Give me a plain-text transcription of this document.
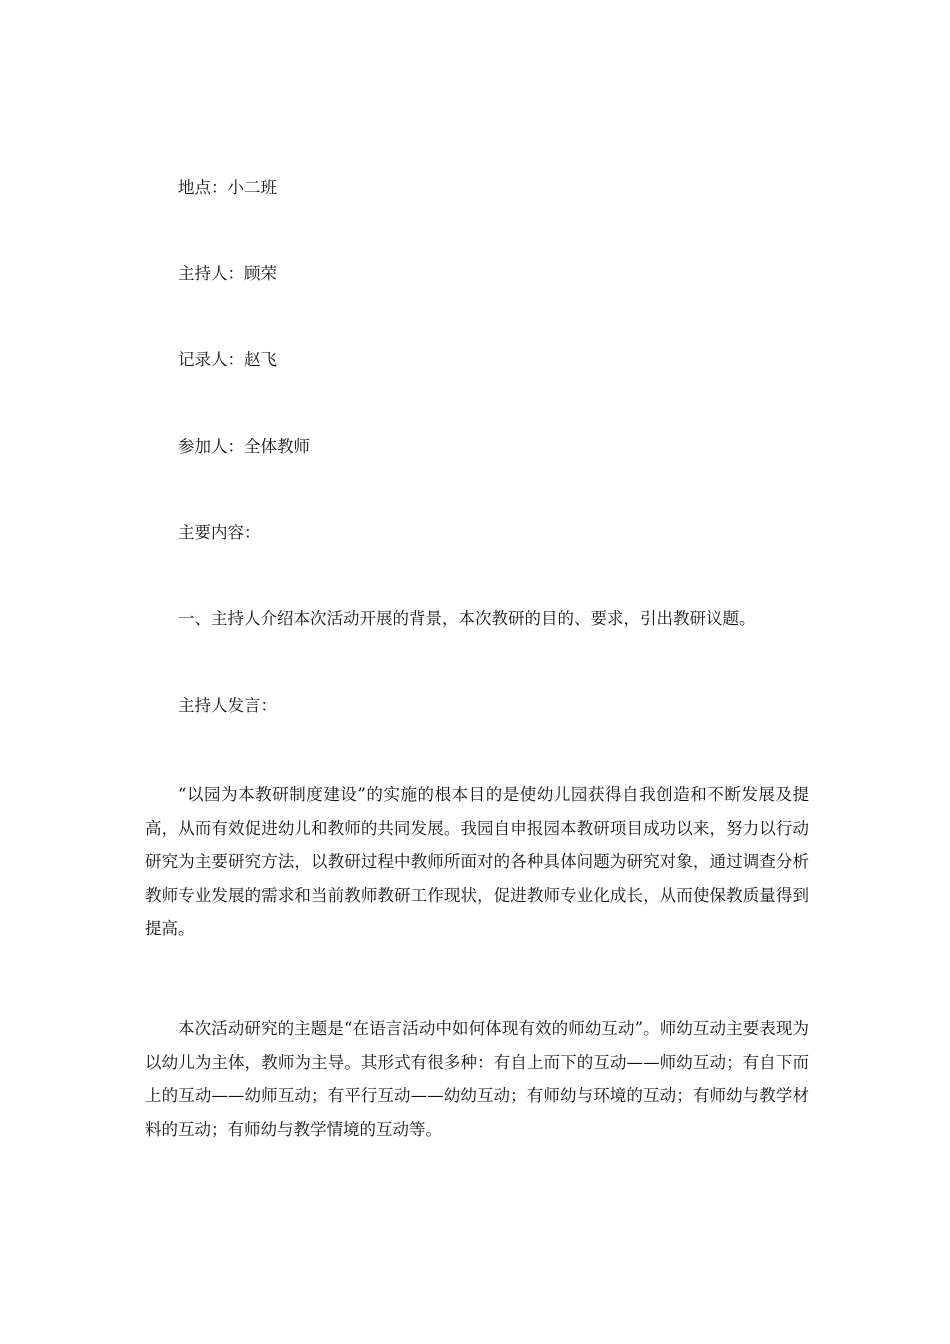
地点：小二班

主持人：顾荣

记录人：赵飞

参加人：全体教师

主要内容：

一、主持人介绍本次活动开展的背景，本次教研的目的、要求，引出教研议题。

主持人发言：

“以园为本教研制度建设”的实施的根本目的是使幼儿园获得自我创造和不断发展及提高，从而有效促进幼儿和教师的共同发展。我园自申报园本教研项目成功以来，努力以行动研究为主要研究方法，以教研过程中教师所面对的各种具体问题为研究对象，通过调查分析教师专业发展的需求和当前教师教研工作现状，促进教师专业化成长，从而使保教质量得到提高。

本次活动研究的主题是“在语言活动中如何体现有效的师幼互动”。师幼互动主要表现为以幼儿为主体，教师为主导。其形式有很多种：有自上而下的互动——师幼互动；有自下而上的互动——幼师互动；有平行互动——幼幼互动；有师幼与环境的互动；有师幼与教学材料的互动；有师幼与教学情境的互动等。
